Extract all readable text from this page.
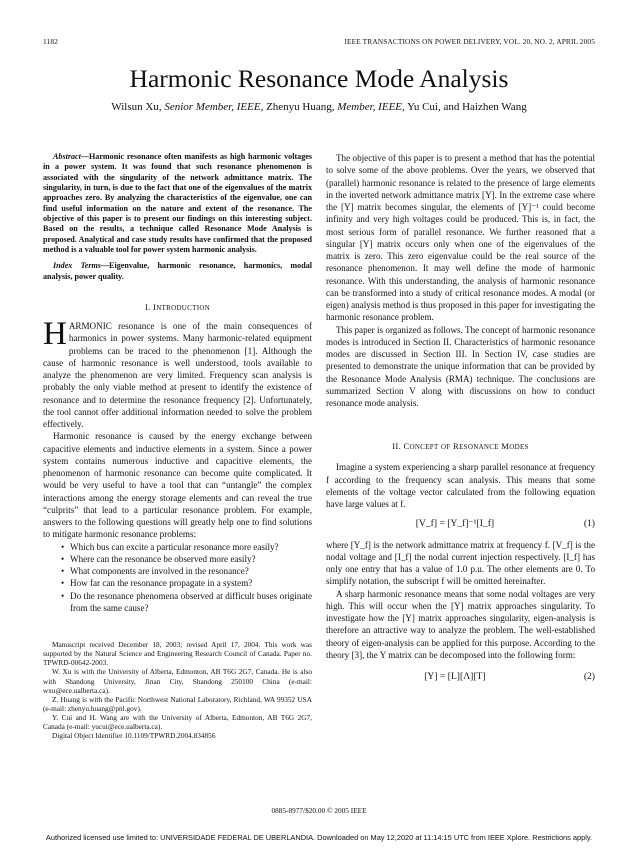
1182	IEEE TRANSACTIONS ON POWER DELIVERY, VOL. 20, NO. 2, APRIL 2005
Harmonic Resonance Mode Analysis
Wilsun Xu, Senior Member, IEEE, Zhenyu Huang, Member, IEEE, Yu Cui, and Haizhen Wang

Abstract—Harmonic resonance often manifests as high harmonic voltages in a power system. It was found that such resonance phenomenon is associated with the singularity of the network admittance matrix. The singularity, in turn, is due to the fact that one of the eigenvalues of the matrix approaches zero. By analyzing the characteristics of the eigenvalue, one can find useful information on the nature and extent of the resonance. The objective of this paper is to present our findings on this interesting subject. Based on the results, a technique called Resonance Mode Analysis is proposed. Analytical and case study results have confirmed that the proposed method is a valuable tool for power system harmonic analysis.

Index Terms—Eigenvalue, harmonic resonance, harmonics, modal analysis, power quality.

I. INTRODUCTION

HARMONIC resonance is one of the main consequences of harmonics in power systems. Many harmonic-related equipment problems can be traced to the phenomenon [1]. Although the cause of harmonic resonance is well understood, tools available to analyze the phenomenon are very limited. Frequency scan analysis is probably the only viable method at present to identify the existence of resonance and to determine the resonance frequency [2]. Unfortunately, the tool cannot offer additional information needed to solve the problem effectively.

Harmonic resonance is caused by the energy exchange between capacitive elements and inductive elements in a system. Since a power system contains numerous inductive and capacitive elements, the phenomenon of harmonic resonance can become quite complicated. It would be very useful to have a tool that can “untangle” the complex interactions among the energy storage elements and can reveal the true “culprits” that lead to a particular resonance problem. For example, answers to the following questions will greatly help one to find solutions to mitigate harmonic resonance problems:

• Which bus can excite a particular resonance more easily?
• Where can the resonance be observed more easily?
• What components are involved in the resonance?
• How far can the resonance propagate in a system?
• Do the resonance phenomena observed at difficult buses originate from the same cause?

Manuscript received December 18, 2003; revised April 17, 2004. This work was supported by the Natural Science and Engineering Research Council of Canada. Paper no. TPWRD-00642-2003.

W. Xu is with the University of Alberta, Edmonton, AB T6G 2G7, Canada. He is also with Shandong University, Jinan City, Shandong 250100 China (e-mail: wxu@ece.ualberta.ca).

Z. Huang is with the Pacific Northwest National Laboratory, Richland, WA 99352 USA (e-mail: zhenyu.huang@pnl.gov).

Y. Cui and H. Wang are with the University of Alberta, Edmonton, AB T6G 2G7, Canada (e-mail: yucui@ece.ualberta.ca).

Digital Object Identifier 10.1109/TPWRD.2004.834856

The objective of this paper is to present a method that has the potential to solve some of the above problems. Over the years, we observed that (parallel) harmonic resonance is related to the presence of large elements in the inverted network admittance matrix [Y]. In the extreme case where the [Y] matrix becomes singular, the elements of [Y]⁻¹ could become infinity and very high voltages could be produced. This is, in fact, the most serious form of parallel resonance. We further reasoned that a singular [Y] matrix occurs only when one of the eigenvalues of the matrix is zero. This zero eigenvalue could be the real source of the resonance phenomenon. It may well define the mode of harmonic resonance. With this understanding, the analysis of harmonic resonance can be transformed into a study of critical resonance modes. A modal (or eigen) analysis method is thus proposed in this paper for investigating the harmonic resonance problem.

This paper is organized as follows. The concept of harmonic resonance modes is introduced in Section II. Characteristics of harmonic resonance modes are discussed in Section III. In Section IV, case studies are presented to demonstrate the unique information that can be provided by the Resonance Mode Analysis (RMA) technique. The conclusions are summarized Section V along with discussions on how to conduct resonance mode analysis.

II. CONCEPT OF RESONANCE MODES

Imagine a system experiencing a sharp parallel resonance at frequency f according to the frequency scan analysis. This means that some elements of the voltage vector calculated from the following equation have large values at f.

[V_f] = [Y_f]⁻¹[I_f]	(1)

where [Y_f] is the network admittance matrix at frequency f. [V_f] is the nodal voltage and [I_f] the nodal current injection respectively. [I_f] has only one entry that has a value of 1.0 p.u. The other elements are 0. To simplify notation, the subscript f will be omitted hereinafter.

A sharp harmonic resonance means that some nodal voltages are very high. This will occur when the [Y] matrix approaches singularity. To investigate how the [Y] matrix approaches singularity, eigen-analysis is therefore an attractive way to analyze the problem. The well-established theory of eigen-analysis can be applied for this purpose. According to the theory [3], the Y matrix can be decomposed into the following form:

[Y] = [L][Λ][T]	(2)
0885-8977/$20.00 © 2005 IEEE
Authorized licensed use limited to: UNIVERSIDADE FEDERAL DE UBERLANDIA. Downloaded on May 12,2020 at 11:14:15 UTC from IEEE Xplore. Restrictions apply.
